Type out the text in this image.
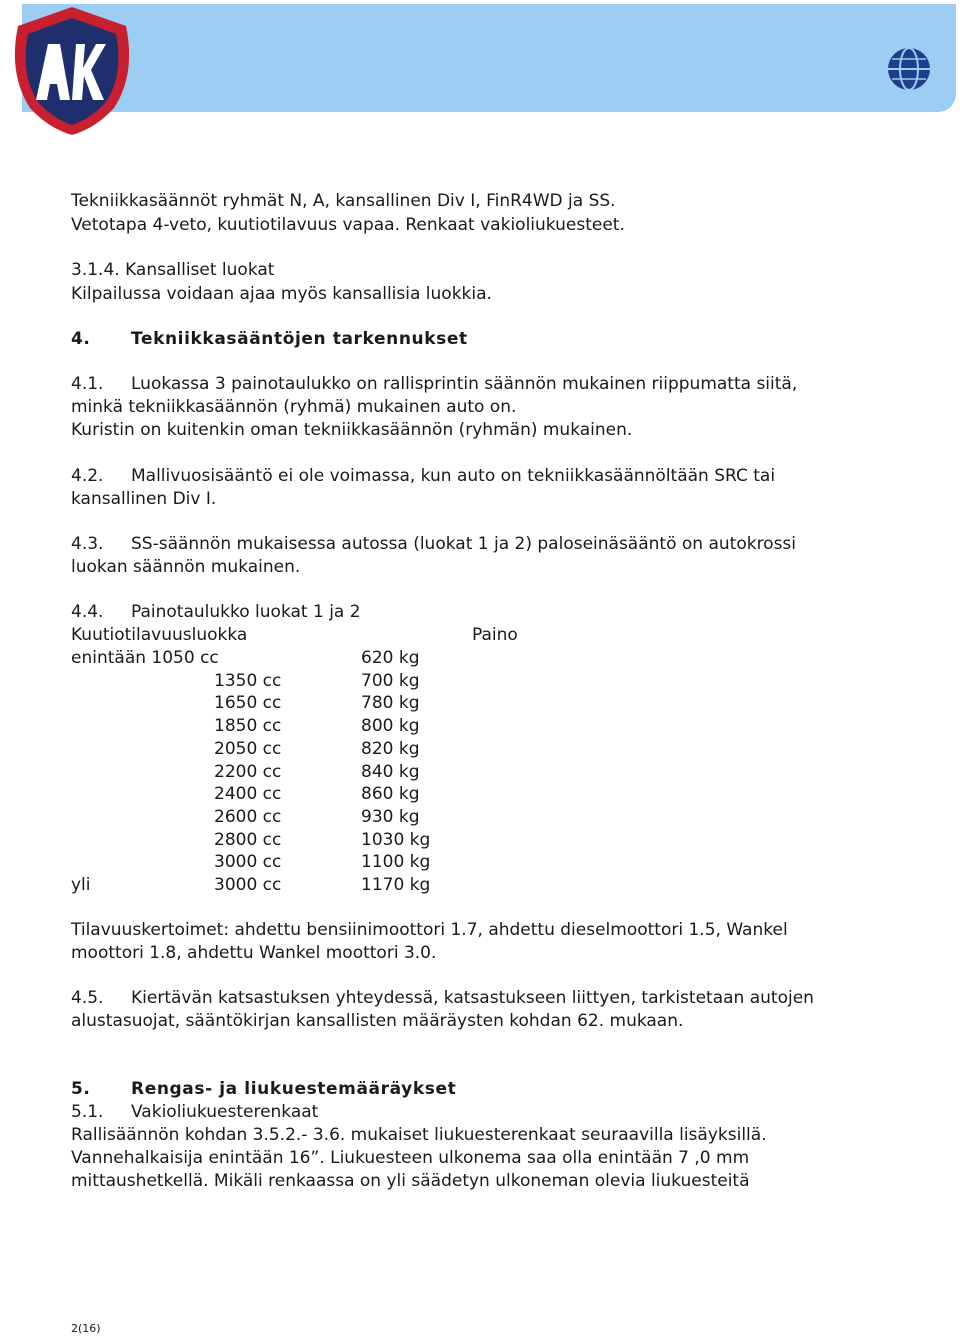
Tekniikkasäännöt ryhmät N, A, kansallinen Div I, FinR4WD ja SS.
Vetotapa 4-veto, kuutiotilavuus vapaa. Renkaat vakioliukuesteet.
3.1.4. Kansalliset luokat
Kilpailussa voidaan ajaa myös kansallisia luokkia.
4. Tekniikkasääntöjen tarkennukset
4.1. Luokassa 3 painotaulukko on rallisprintin säännön mukainen riippumatta siitä,
minkä tekniikkasäännön (ryhmä) mukainen auto on.
Kuristin on kuitenkin oman tekniikkasäännön (ryhmän) mukainen.
4.2. Mallivuosisääntö ei ole voimassa, kun auto on tekniikkasäännöltään SRC tai
kansallinen Div I.
4.3. SS-säännön mukaisessa autossa (luokat 1 ja 2) paloseinäsääntö on autokrossi
luokan säännön mukainen.
4.4. Painotaulukko luokat 1 ja 2
Kuutiotilavuusluokka	Paino
enintään 1050 cc	620 kg
1350 cc	700 kg
1650 cc	780 kg
1850 cc	800 kg
2050 cc	820 kg
2200 cc	840 kg
2400 cc	860 kg
2600 cc	930 kg
2800 cc	1030 kg
3000 cc	1100 kg
yli	3000 cc	1170 kg
Tilavuuskertoimet: ahdettu bensiinimoottori 1.7, ahdettu dieselmoottori 1.5, Wankel
moottori 1.8, ahdettu Wankel moottori 3.0.
4.5. Kiertävän katsastuksen yhteydessä, katsastukseen liittyen, tarkistetaan autojen
alustasuojat, sääntökirjan kansallisten määräysten kohdan 62. mukaan.
5. Rengas- ja liukuestemääräykset
5.1. Vakioliukuesterenkaat
Rallisäännön kohdan 3.5.2.- 3.6. mukaiset liukuesterenkaat seuraavilla lisäyksillä.
Vannehalkaisija enintään 16”. Liukuesteen ulkonema saa olla enintään 7 ,0 mm
mittaushetkellä. Mikäli renkaassa on yli säädetyn ulkoneman olevia liukuesteitä
2(16)
